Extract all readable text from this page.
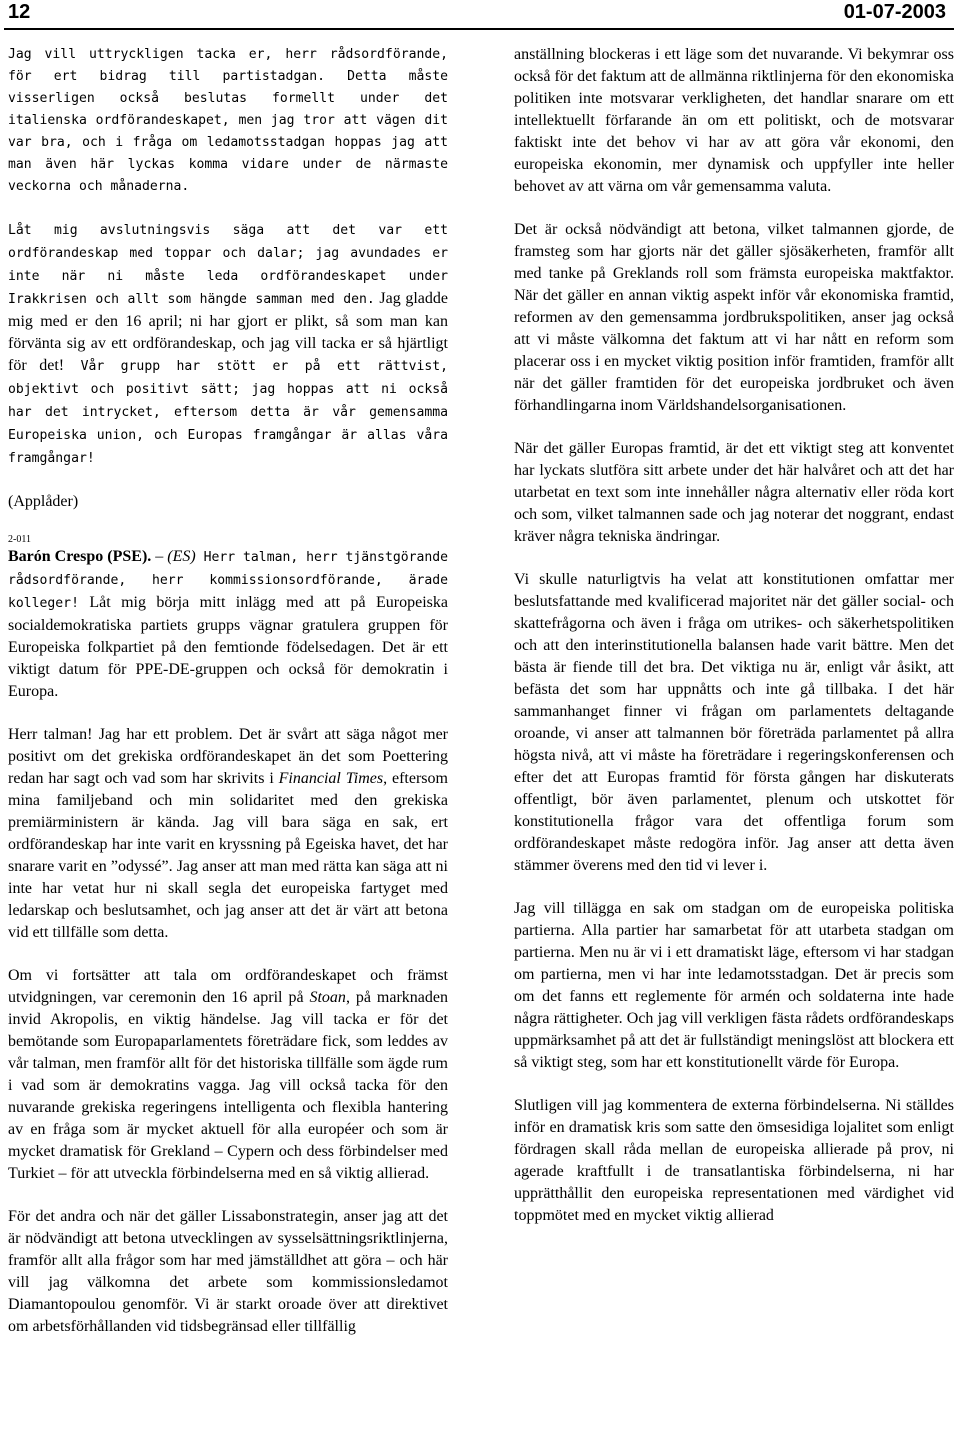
12	01-07-2003

Jag vill uttryckligen tacka er, herr rådsordförande, för ert bidrag till partistadgan. Detta måste visserligen också beslutas formellt under det italienska ordförandeskapet, men jag tror att vägen dit var bra, och i fråga om ledamotsstadgan hoppas jag att man även här lyckas komma vidare under de närmaste veckorna och månaderna.

Låt mig avslutningsvis säga att det var ett ordförandeskap med toppar och dalar; jag avundades er inte när ni måste leda ordförandeskapet under Irakkrisen och allt som hängde samman med den. Jag gladde mig med er den 16 april; ni har gjort er plikt, så som man kan förvänta sig av ett ordförandeskap, och jag vill tacka er så hjärtligt för det! Vår grupp har stött er på ett rättvist, objektivt och positivt sätt; jag hoppas att ni också har det intrycket, eftersom detta är vår gemensamma Europeiska union, och Europas framgångar är allas våra framgångar!

(Applåder)

2-011

Barón Crespo (PSE). – (ES) Herr talman, herr tjänstgörande rådsordförande, herr kommissionsordförande, ärade kolleger! Låt mig börja mitt inlägg med att på Europeiska socialdemokratiska partiets grupps vägnar gratulera gruppen för Europeiska folkpartiet på den femtionde födelsedagen. Det är ett viktigt datum för PPE-DE-gruppen och också för demokratin i Europa.

Herr talman! Jag har ett problem. Det är svårt att säga något mer positivt om det grekiska ordförandeskapet än det som Poettering redan har sagt och vad som har skrivits i Financial Times, eftersom mina familjeband och min solidaritet med den grekiska premiärministern är kända. Jag vill bara säga en sak, ert ordförandeskap har inte varit en kryssning på Egeiska havet, det har snarare varit en ”odyssé”. Jag anser att man med rätta kan säga att ni inte har vetat hur ni skall segla det europeiska fartyget med ledarskap och beslutsamhet, och jag anser att det är värt att betona vid ett tillfälle som detta.

Om vi fortsätter att tala om ordförandeskapet och främst utvidgningen, var ceremonin den 16 april på Stoan, på marknaden invid Akropolis, en viktig händelse. Jag vill tacka er för det bemötande som Europaparlamentets företrädare fick, som leddes av vår talman, men framför allt för det historiska tillfälle som ägde rum i vad som är demokratins vagga. Jag vill också tacka för den nuvarande grekiska regeringens intelligenta och flexibla hantering av en fråga som är mycket aktuell för alla européer och som är mycket dramatisk för Grekland – Cypern och dess förbindelser med Turkiet – för att utveckla förbindelserna med en så viktig allierad.

För det andra och när det gäller Lissabonstrategin, anser jag att det är nödvändigt att betona utvecklingen av sysselsättningsriktlinjerna, framför allt alla frågor som har med jämställdhet att göra – och här vill jag välkomna det arbete som kommissionsledamot Diamantopoulou genomför. Vi är starkt oroade över att direktivet om arbetsförhållanden vid tidsbegränsad eller tillfällig

anställning blockeras i ett läge som det nuvarande. Vi bekymrar oss också för det faktum att de allmänna riktlinjerna för den ekonomiska politiken inte motsvarar verkligheten, det handlar snarare om ett intellektuellt förfarande än om ett politiskt, och de motsvarar faktiskt inte det behov vi har av att göra vår ekonomi, den europeiska ekonomin, mer dynamisk och uppfyller inte heller behovet av att värna om vår gemensamma valuta.

Det är också nödvändigt att betona, vilket talmannen gjorde, de framsteg som har gjorts när det gäller sjösäkerheten, framför allt med tanke på Greklands roll som främsta europeiska maktfaktor. När det gäller en annan viktig aspekt inför vår ekonomiska framtid, reformen av den gemensamma jordbrukspolitiken, anser jag också att vi måste välkomna det faktum att vi har nått en reform som placerar oss i en mycket viktig position inför framtiden, framför allt när det gäller framtiden för det europeiska jordbruket och även förhandlingarna inom Världshandelsorganisationen.

När det gäller Europas framtid, är det ett viktigt steg att konventet har lyckats slutföra sitt arbete under det här halvåret och att det har utarbetat en text som inte innehåller några alternativ eller röda kort och som, vilket talmannen sade och jag noterar det noggrant, endast kräver några tekniska ändringar.

Vi skulle naturligtvis ha velat att konstitutionen omfattar mer beslutsfattande med kvalificerad majoritet när det gäller social- och skattefrågorna och även i fråga om utrikes- och säkerhetspolitiken och att den interinstitutionella balansen hade varit bättre. Men det bästa är fiende till det bra. Det viktiga nu är, enligt vår åsikt, att befästa det som har uppnåtts och inte gå tillbaka. I det här sammanhanget finner vi frågan om parlamentets deltagande oroande, vi anser att talmannen bör företräda parlamentet på allra högsta nivå, att vi måste ha företrädare i regeringskonferensen och efter det att Europas framtid för första gången har diskuterats offentligt, bör även parlamentet, plenum och utskottet för konstitutionella frågor vara det offentliga forum som ordförandeskapet måste redogöra inför. Jag anser att detta även stämmer överens med den tid vi lever i.

Jag vill tillägga en sak om stadgan om de europeiska politiska partierna. Alla partier har samarbetat för att utarbeta stadgan om partierna. Men nu är vi i ett dramatiskt läge, eftersom vi har stadgan om partierna, men vi har inte ledamotsstadgan. Det är precis som om det fanns ett reglemente för armén och soldaterna inte hade några rättigheter. Och jag vill verkligen fästa rådets ordförandeskaps uppmärksamhet på att det är fullständigt meningslöst att blockera ett så viktigt steg, som har ett konstitutionellt värde för Europa.

Slutligen vill jag kommentera de externa förbindelserna. Ni ställdes inför en dramatisk kris som satte den ömsesidiga lojalitet som enligt fördragen skall råda mellan de europeiska allierade på prov, ni agerade kraftfullt i de transatlantiska förbindelserna, ni har upprätthållit den europeiska representationen med värdighet vid toppmötet med en mycket viktig allierad
